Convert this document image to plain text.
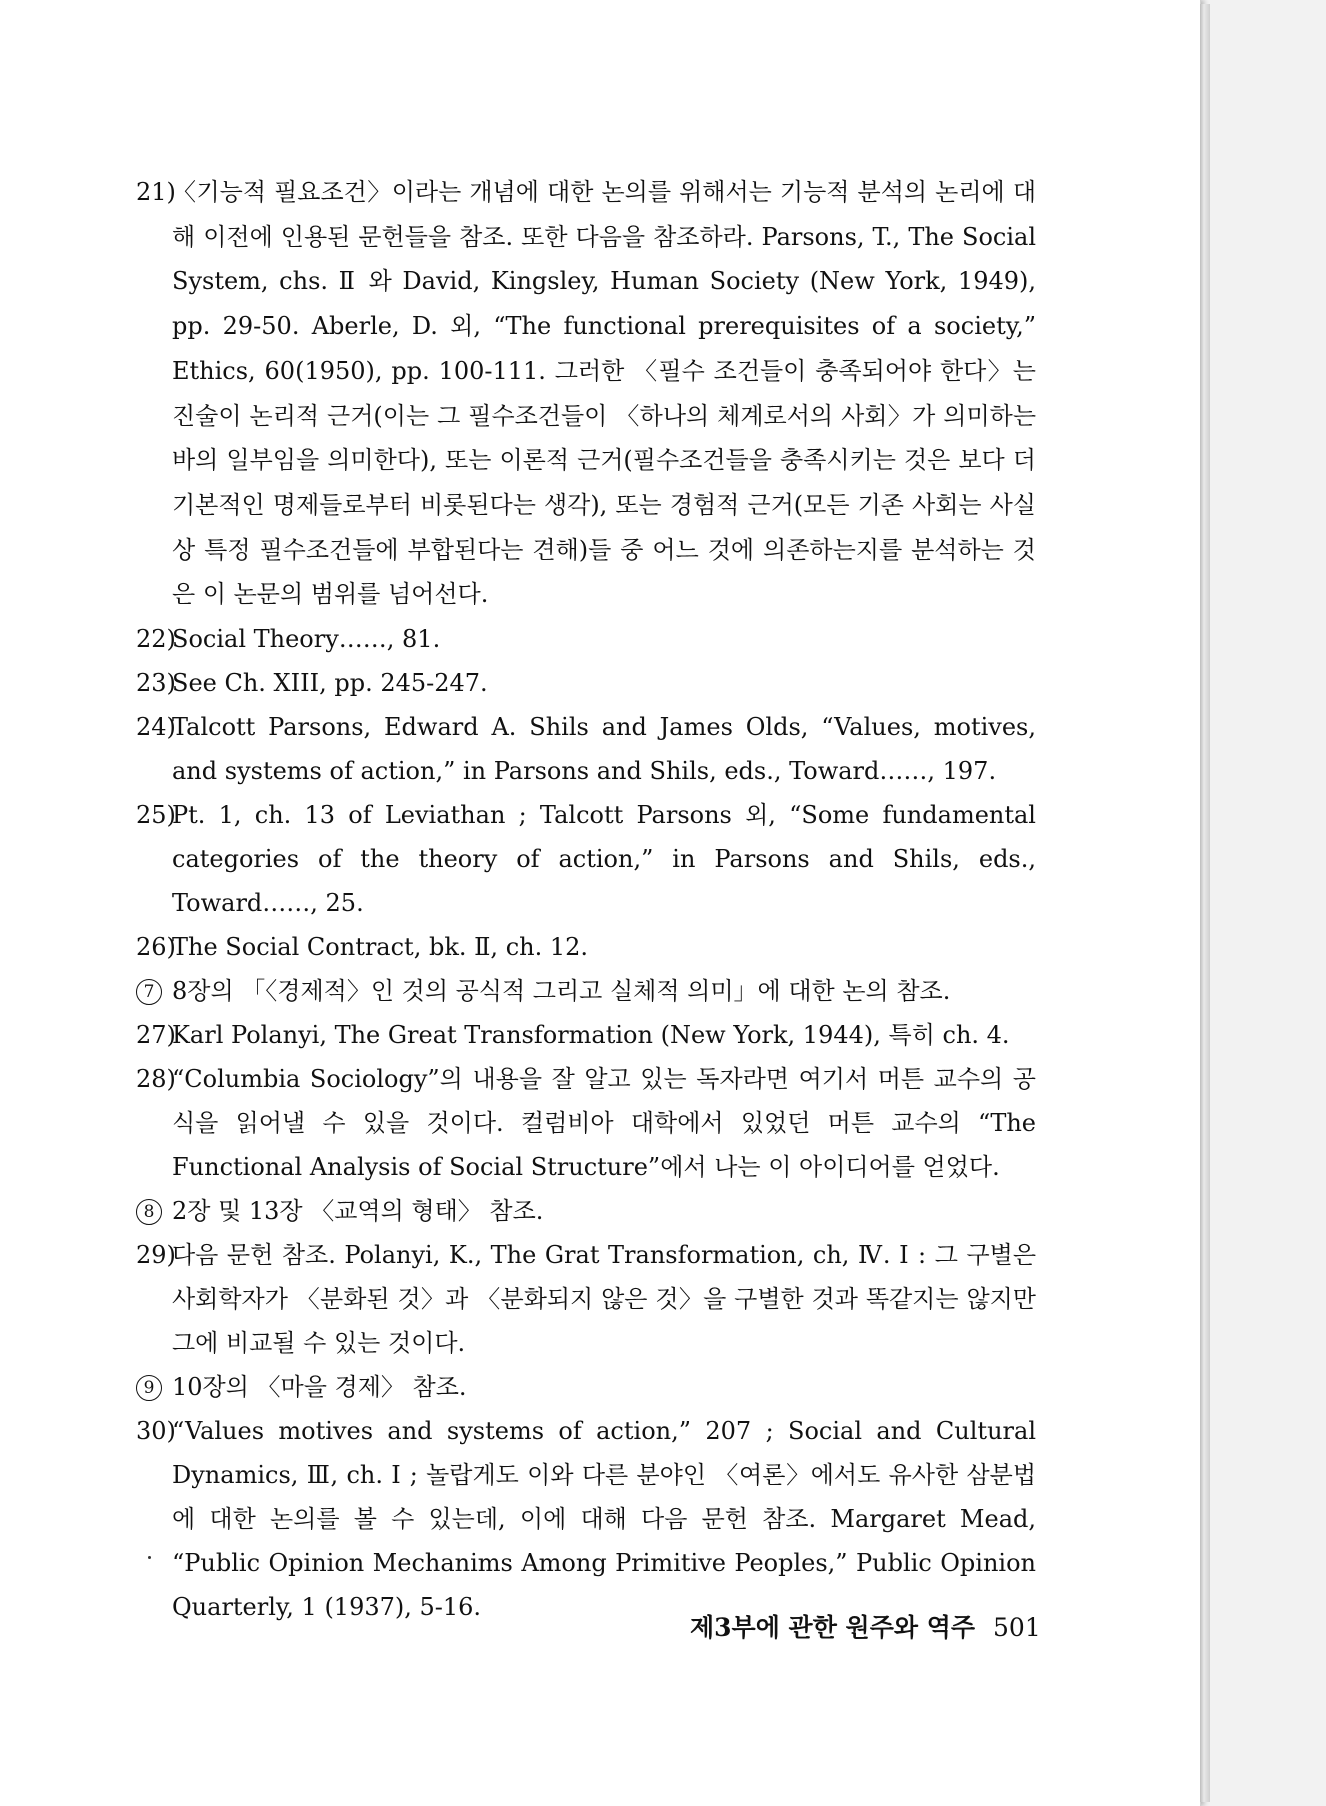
21)
〈기능적 필요조건〉이라는 개념에 대한 논의를 위해서는 기능적 분석의 논리에 대해 이전에 인용된 문헌들을 참조. 또한 다음을 참조하라. Parsons, T., The Social System, chs. Ⅱ 와 David, Kingsley, Human Society (New York, 1949), pp. 29-50. Aberle, D. 외, “The functional prerequisites of a society,” Ethics, 60(1950), pp. 100-111. 그러한 〈필수 조건들이 충족되어야 한다〉는 진술이 논리적 근거(이는 그 필수조건들이 〈하나의 체계로서의 사회〉가 의미하는 바의 일부임을 의미한다), 또는 이론적 근거(필수조건들을 충족시키는 것은 보다 더 기본적인 명제들로부터 비롯된다는 생각), 또는 경험적 근거(모든 기존 사회는 사실상 특정 필수조건들에 부합된다는 견해)들 중 어느 것에 의존하는지를 분석하는 것은 이 논문의 범위를 넘어선다.
22)
Social Theory……, 81.
23)
See Ch. XIII, pp. 245-247.
24)
Talcott Parsons, Edward A. Shils and James Olds, “Values, motives, and systems of action,” in Parsons and Shils, eds., Toward……, 197.
25)
Pt. 1, ch. 13 of Leviathan ; Talcott Parsons 외, “Some fundamental categories of the theory of action,” in Parsons and Shils, eds., Toward……, 25.
26)
The Social Contract, bk. Ⅱ, ch. 12.
7 8장의 「〈경제적〉인 것의 공식적 그리고 실체적 의미」에 대한 논의 참조.
27)
Karl Polanyi, The Great Transformation (New York, 1944), 특히 ch. 4.
28)
“Columbia Sociology”의 내용을 잘 알고 있는 독자라면 여기서 머튼 교수의 공식을 읽어낼 수 있을 것이다. 컬럼비아 대학에서 있었던 머튼 교수의 “The Functional Analysis of Social Structure”에서 나는 이 아이디어를 얻었다.
8 2장 및 13장 〈교역의 형태〉 참조.
29)
다음 문헌 참조. Polanyi, K., The Grat Transformation, ch, Ⅳ. Ⅰ : 그 구별은 사회학자가 〈분화된 것〉과 〈분화되지 않은 것〉을 구별한 것과 똑같지는 않지만 그에 비교될 수 있는 것이다.
9 10장의 〈마을 경제〉 참조.
30)
“Values motives and systems of action,” 207 ; Social and Cultural Dynamics, Ⅲ, ch. Ⅰ ; 놀랍게도 이와 다른 분야인 〈여론〉에서도 유사한 삼분법에 대한 논의를 볼 수 있는데, 이에 대해 다음 문헌 참조. Margaret Mead, “Public Opinion Mechanims Among Primitive Peoples,” Public Opinion Quarterly, 1 (1937), 5-16.
제3부에 관한 원주와 역주 501
